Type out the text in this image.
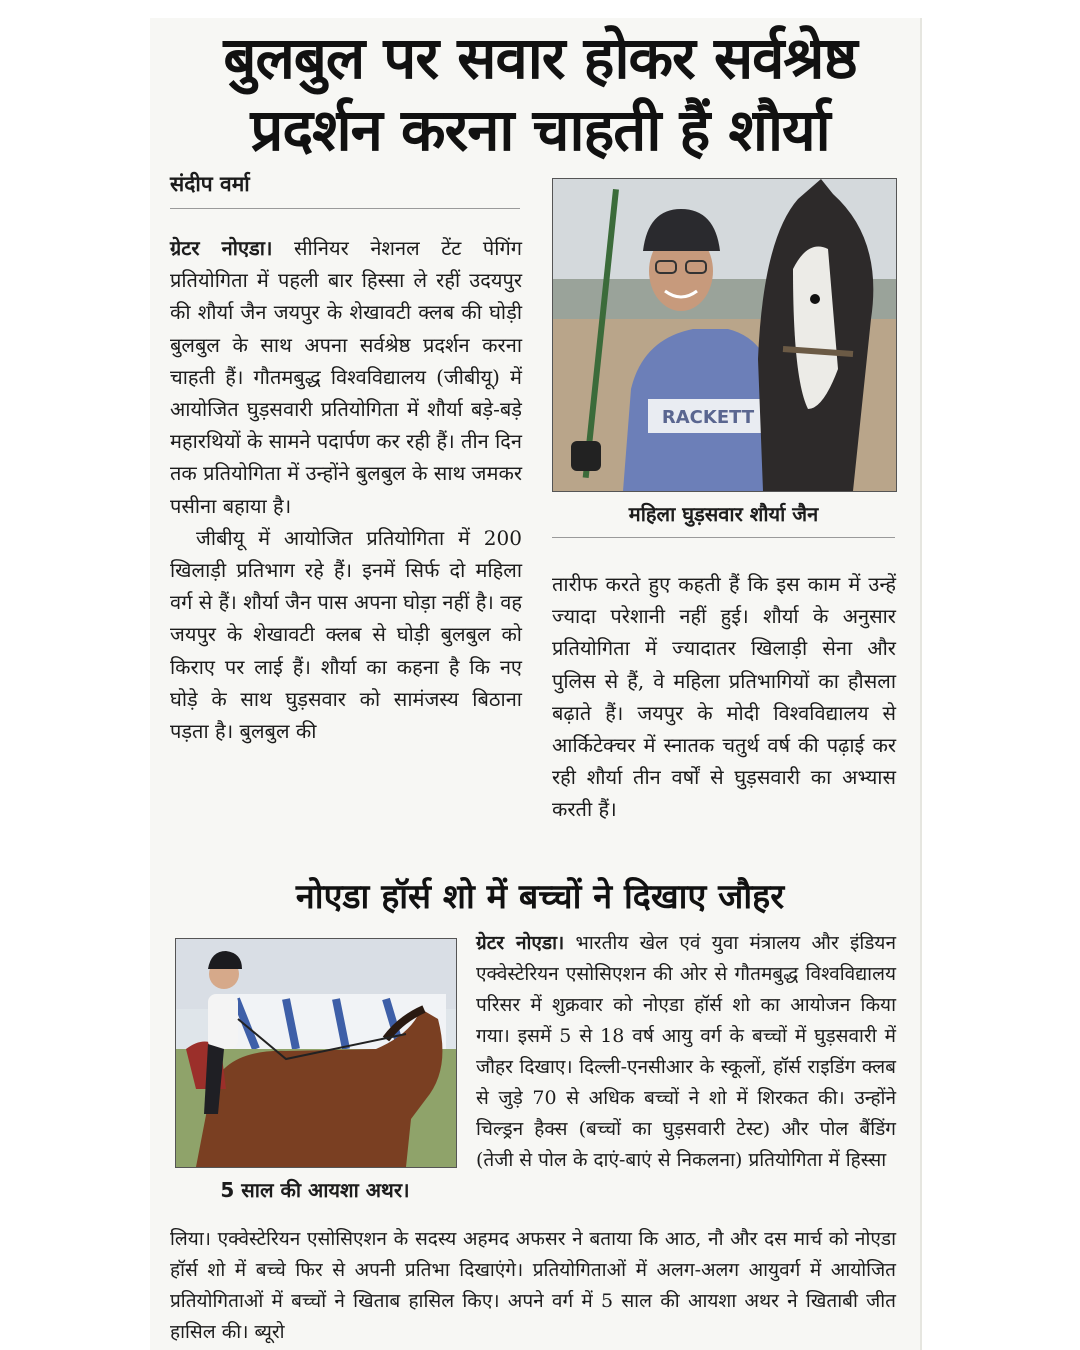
बुलबुल पर सवार होकर सर्वश्रेष्ठ प्रदर्शन करना चाहती हैं शौर्या
संदीप वर्मा

ग्रेटर नोएडा। सीनियर नेशनल टेंट पेगिंग प्रतियोगिता में पहली बार हिस्सा ले रहीं उदयपुर की शौर्या जैन जयपुर के शेखावटी क्लब की घोड़ी बुलबुल के साथ अपना सर्वश्रेष्ठ प्रदर्शन करना चाहती हैं। गौतमबुद्ध विश्वविद्यालय (जीबीयू) में आयोजित घुड़सवारी प्रतियोगिता में शौर्या बड़े-बड़े महारथियों के सामने पदार्पण कर रही हैं। तीन दिन तक प्रतियोगिता में उन्होंने बुलबुल के साथ जमकर पसीना बहाया है।

जीबीयू में आयोजित प्रतियोगिता में 200 खिलाड़ी प्रतिभाग रहे हैं। इनमें सिर्फ दो महिला वर्ग से हैं। शौर्या जैन पास अपना घोड़ा नहीं है। वह जयपुर के शेखावटी क्लब से घोड़ी बुलबुल को किराए पर लाई हैं। शौर्या का कहना है कि नए घोड़े के साथ घुड़सवार को सामंजस्य बिठाना पड़ता है। बुलबुल की

RACKETT
महिला घुड़सवार शौर्या जैन

तारीफ करते हुए कहती हैं कि इस काम में उन्हें ज्यादा परेशानी नहीं हुई। शौर्या के अनुसार प्रतियोगिता में ज्यादातर खिलाड़ी सेना और पुलिस से हैं, वे महिला प्रतिभागियों का हौसला बढ़ाते हैं। जयपुर के मोदी विश्वविद्यालय से आर्किटेक्चर में स्नातक चतुर्थ वर्ष की पढ़ाई कर रही शौर्या तीन वर्षों से घुड़सवारी का अभ्यास करती हैं।

नोएडा हॉर्स शो में बच्चों ने दिखाए जौहर
5 साल की आयशा अथर।

ग्रेटर नोएडा। भारतीय खेल एवं युवा मंत्रालय और इंडियन एक्वेस्टेरियन एसोसिएशन की ओर से गौतमबुद्ध विश्वविद्यालय परिसर में शुक्रवार को नोएडा हॉर्स शो का आयोजन किया गया। इसमें 5 से 18 वर्ष आयु वर्ग के बच्चों में घुड़सवारी में जौहर दिखाए। दिल्ली-एनसीआर के स्कूलों, हॉर्स राइडिंग क्लब से जुड़े 70 से अधिक बच्चों ने शो में शिरकत की। उन्होंने चिल्ड्रन हैक्स (बच्चों का घुड़सवारी टेस्ट) और पोल बैंडिंग (तेजी से पोल के दाएं-बाएं से निकलना) प्रतियोगिता में हिस्सा

लिया। एक्वेस्टेरियन एसोसिएशन के सदस्य अहमद अफसर ने बताया कि आठ, नौ और दस मार्च को नोएडा हॉर्स शो में बच्चे फिर से अपनी प्रतिभा दिखाएंगे। प्रतियोगिताओं में अलग-अलग आयुवर्ग में आयोजित प्रतियोगिताओं में बच्चों ने खिताब हासिल किए। अपने वर्ग में 5 साल की आयशा अथर ने खिताबी जीत हासिल की। ब्यूरो
